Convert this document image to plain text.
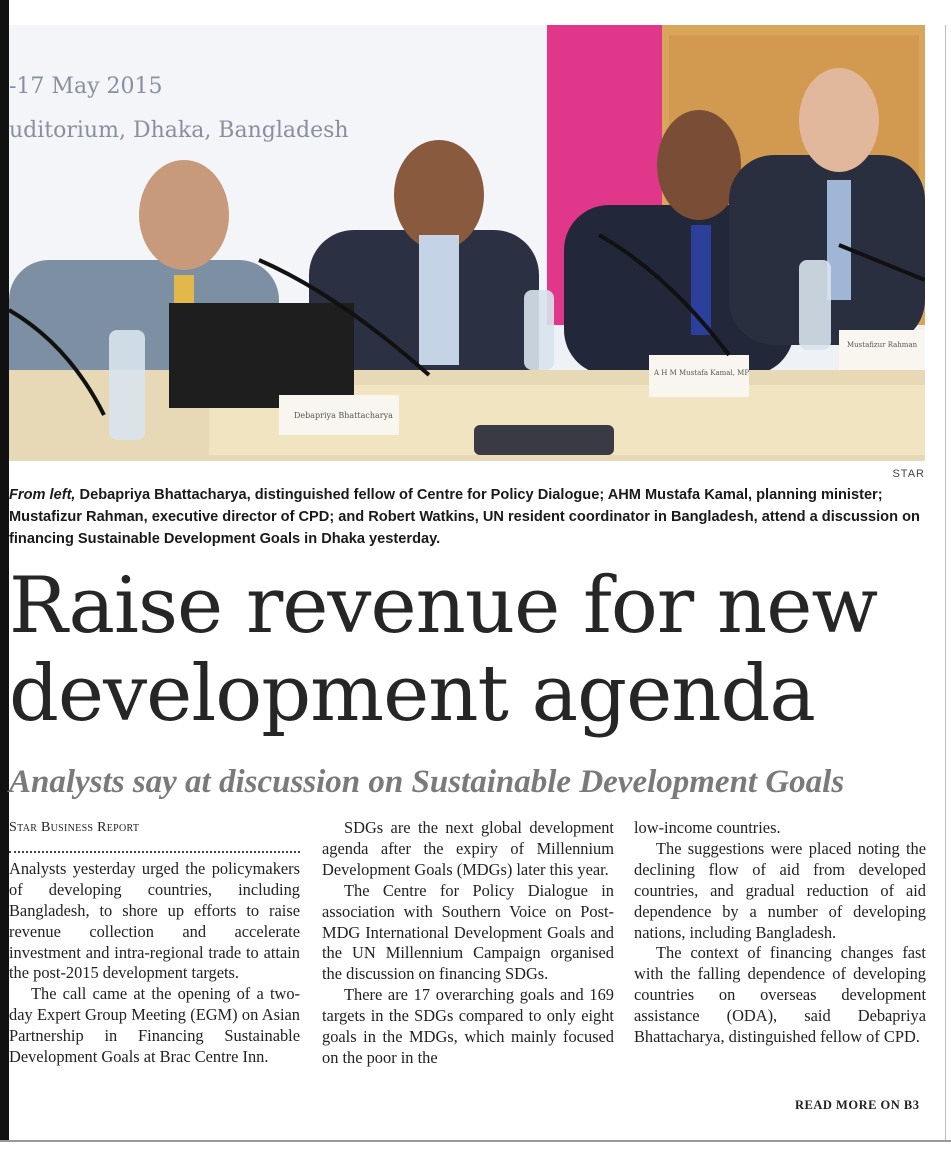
-17 May 2015
uditorium, Dhaka, Bangladesh
Debapriya Bhattacharya
A H M Mustafa Kamal, MP
Mustafizur Rahman
STAR
From left, Debapriya Bhattacharya, distinguished fellow of Centre for Policy Dialogue; AHM Mustafa Kamal, planning minister; Mustafizur Rahman, executive director of CPD; and Robert Watkins, UN resident coordinator in Bangladesh, attend a discussion on financing Sustainable Development Goals in Dhaka yesterday.
Raise revenue for new
development agenda
Analysts say at discussion on Sustainable Development Goals

Star Business Report

Analysts yesterday urged the policymakers of developing countries, including Bangladesh, to shore up efforts to raise revenue collection and accelerate investment and intra-regional trade to attain the post-2015 development targets.

The call came at the opening of a two-day Expert Group Meeting (EGM) on Asian Partnership in Financing Sustainable Development Goals at Brac Centre Inn.

SDGs are the next global development agenda after the expiry of Millennium Development Goals (MDGs) later this year.

The Centre for Policy Dialogue in association with Southern Voice on Post-MDG International Development Goals and the UN Millennium Campaign organised the discussion on financing SDGs.

There are 17 overarching goals and 169 targets in the SDGs compared to only eight goals in the MDGs, which mainly focused on the poor in the

low-income countries.

The suggestions were placed noting the declining flow of aid from developed countries, and gradual reduction of aid dependence by a number of developing nations, including Bangladesh.

The context of financing changes fast with the falling dependence of developing countries on overseas development assistance (ODA), said Debapriya Bhattacharya, distinguished fellow of CPD.

READ MORE ON B3
